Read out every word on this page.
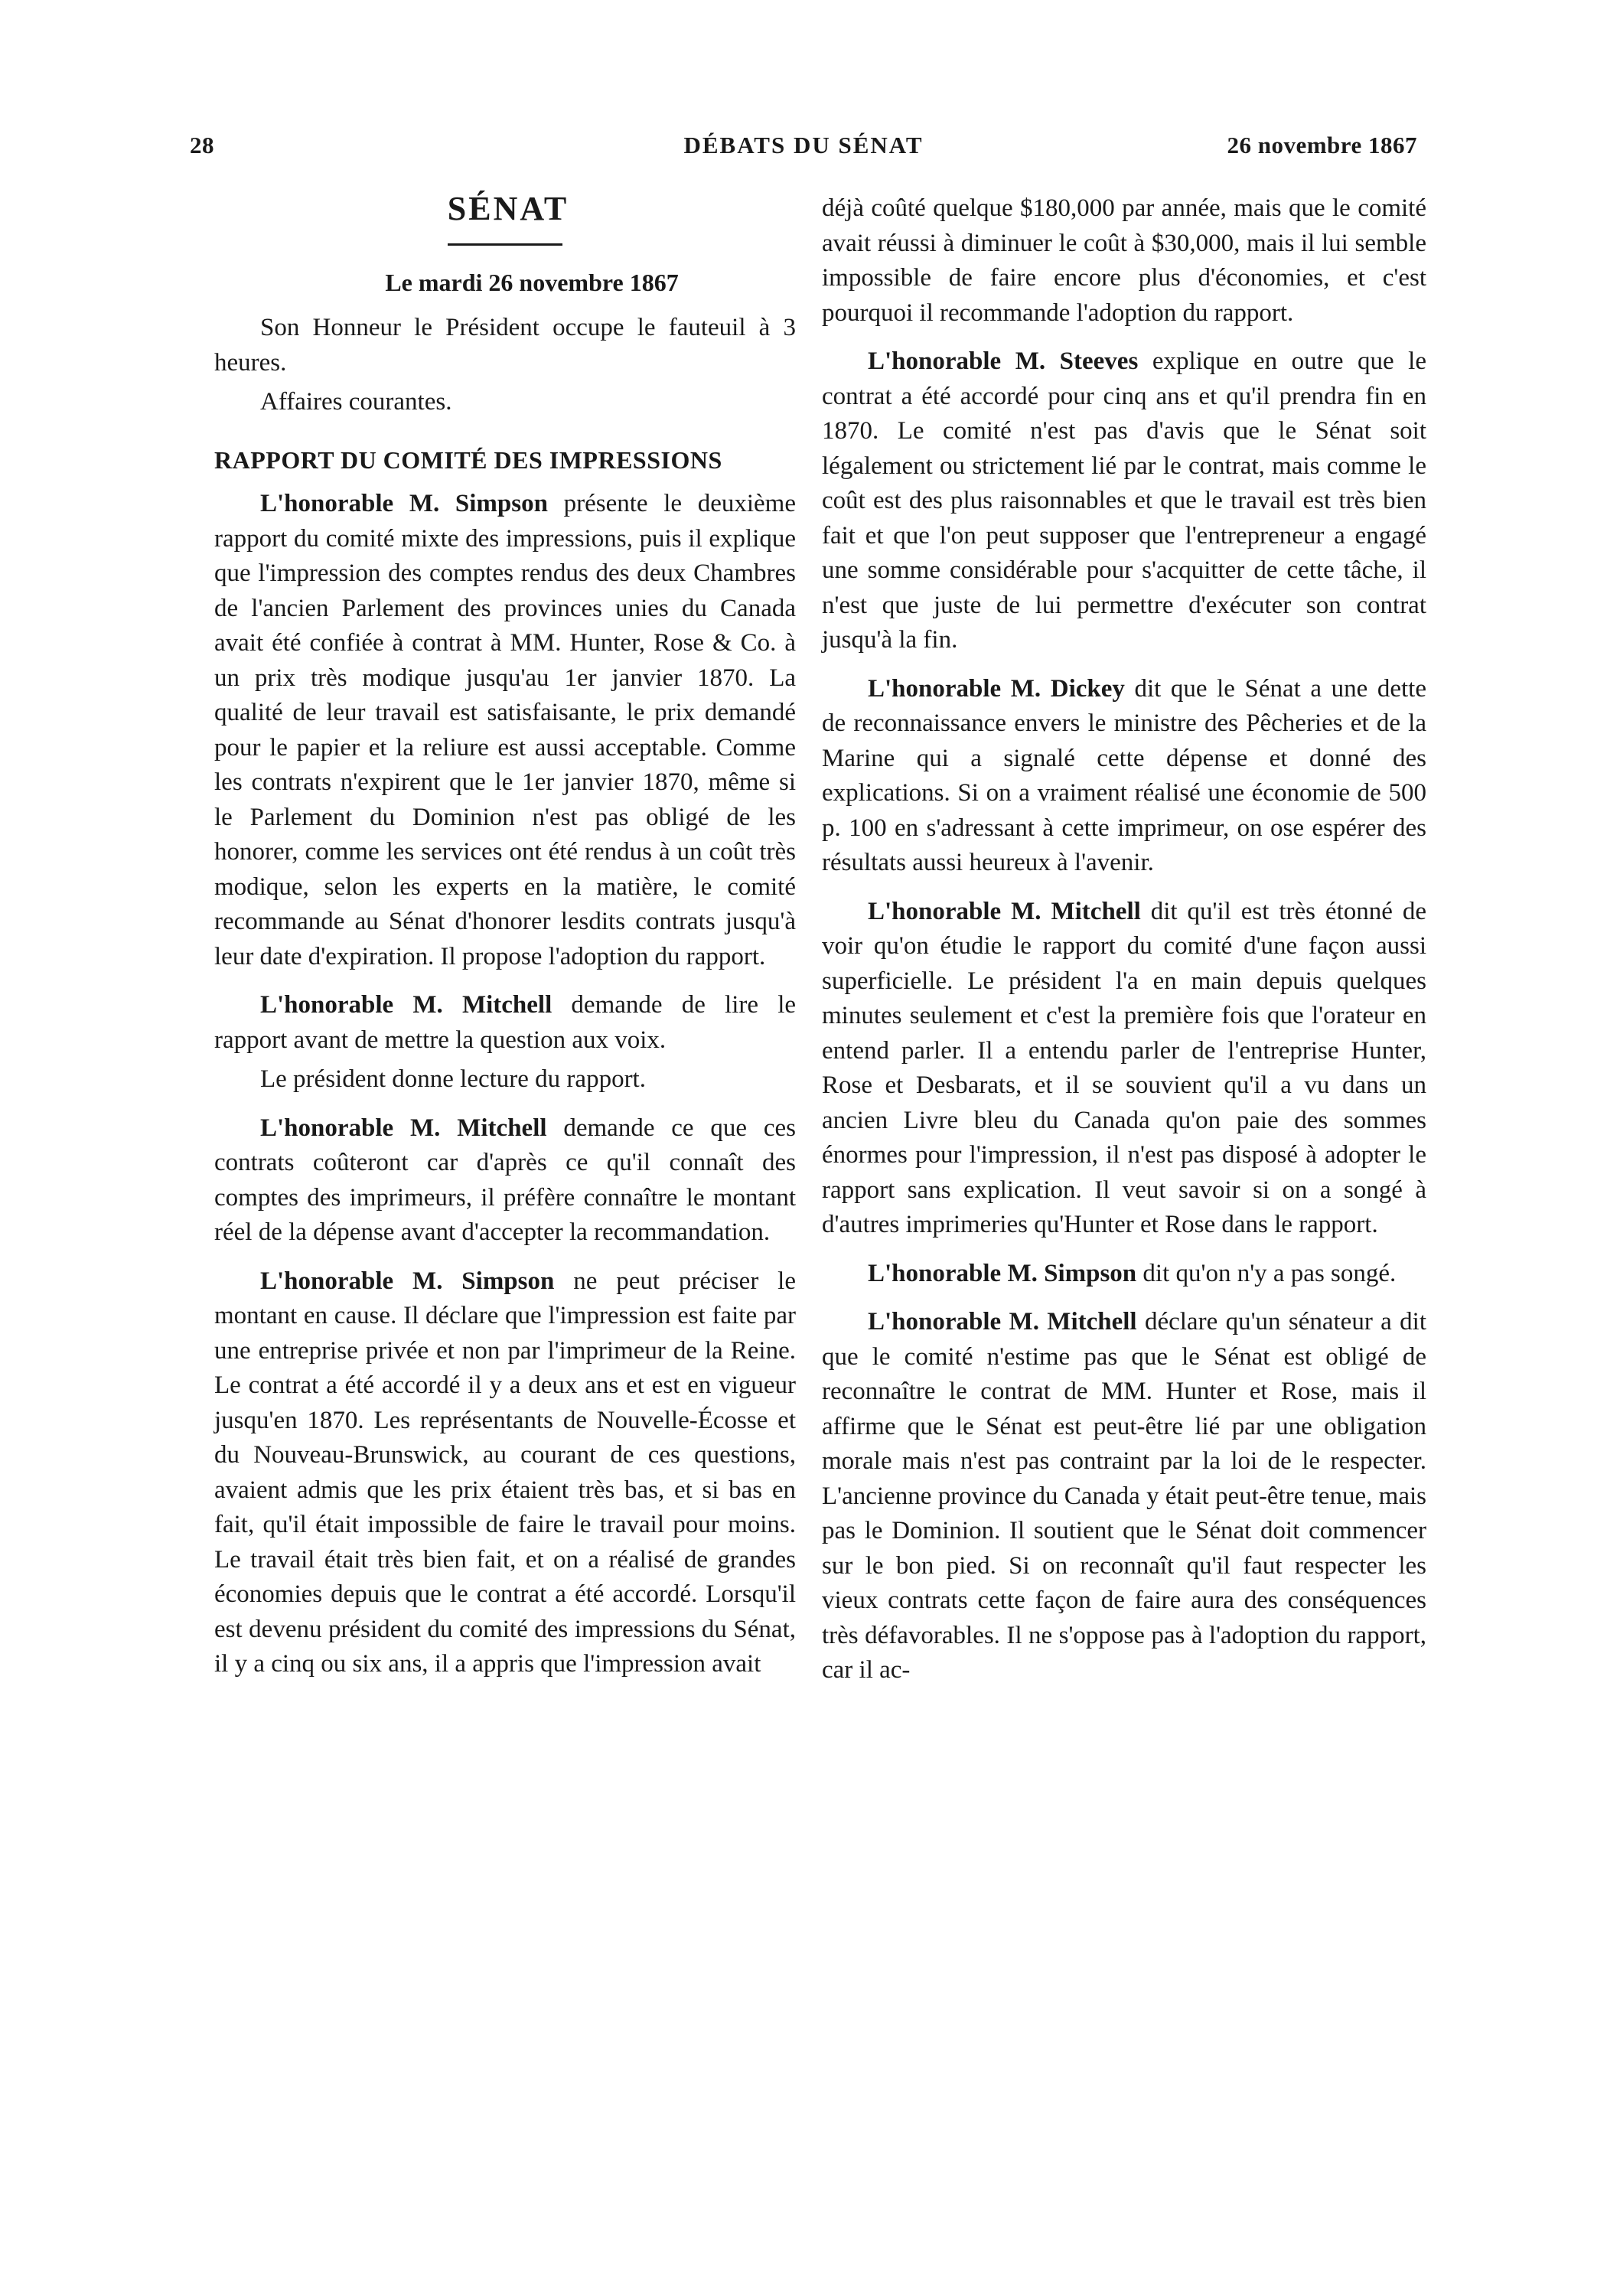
28	DÉBATS DU SÉNAT	26 novembre 1867
SÉNAT
Le mardi 26 novembre 1867

Son Honneur le Président occupe le fauteuil à 3 heures.

Affaires courantes.

RAPPORT DU COMITÉ DES IMPRESSIONS

L'honorable M. Simpson présente le deuxième rapport du comité mixte des impressions, puis il explique que l'impression des comptes rendus des deux Chambres de l'ancien Parlement des provinces unies du Canada avait été confiée à contrat à MM. Hunter, Rose & Co. à un prix très modique jusqu'au 1er janvier 1870. La qualité de leur travail est satisfaisante, le prix demandé pour le papier et la reliure est aussi acceptable. Comme les contrats n'expirent que le 1er janvier 1870, même si le Parlement du Dominion n'est pas obligé de les honorer, comme les services ont été rendus à un coût très modique, selon les experts en la matière, le comité recommande au Sénat d'honorer lesdits contrats jusqu'à leur date d'expiration. Il propose l'adoption du rapport.

L'honorable M. Mitchell demande de lire le rapport avant de mettre la question aux voix.

Le président donne lecture du rapport.

L'honorable M. Mitchell demande ce que ces contrats coûteront car d'après ce qu'il connaît des comptes des imprimeurs, il préfère connaître le montant réel de la dépense avant d'accepter la recommandation.

L'honorable M. Simpson ne peut préciser le montant en cause. Il déclare que l'impression est faite par une entreprise privée et non par l'imprimeur de la Reine. Le contrat a été accordé il y a deux ans et est en vigueur jusqu'en 1870. Les représentants de Nouvelle-Écosse et du Nouveau-Brunswick, au courant de ces questions, avaient admis que les prix étaient très bas, et si bas en fait, qu'il était impossible de faire le travail pour moins. Le travail était très bien fait, et on a réalisé de grandes économies depuis que le contrat a été accordé. Lorsqu'il est devenu président du comité des impressions du Sénat, il y a cinq ou six ans, il a appris que l'impression avait

déjà coûté quelque $180,000 par année, mais que le comité avait réussi à diminuer le coût à $30,000, mais il lui semble impossible de faire encore plus d'économies, et c'est pourquoi il recommande l'adoption du rapport.

L'honorable M. Steeves explique en outre que le contrat a été accordé pour cinq ans et qu'il prendra fin en 1870. Le comité n'est pas d'avis que le Sénat soit légalement ou strictement lié par le contrat, mais comme le coût est des plus raisonnables et que le travail est très bien fait et que l'on peut supposer que l'entrepreneur a engagé une somme considérable pour s'acquitter de cette tâche, il n'est que juste de lui permettre d'exécuter son contrat jusqu'à la fin.

L'honorable M. Dickey dit que le Sénat a une dette de reconnaissance envers le ministre des Pêcheries et de la Marine qui a signalé cette dépense et donné des explications. Si on a vraiment réalisé une économie de 500 p. 100 en s'adressant à cette imprimeur, on ose espérer des résultats aussi heureux à l'avenir.

L'honorable M. Mitchell dit qu'il est très étonné de voir qu'on étudie le rapport du comité d'une façon aussi superficielle. Le président l'a en main depuis quelques minutes seulement et c'est la première fois que l'orateur en entend parler. Il a entendu parler de l'entreprise Hunter, Rose et Desbarats, et il se souvient qu'il a vu dans un ancien Livre bleu du Canada qu'on paie des sommes énormes pour l'impression, il n'est pas disposé à adopter le rapport sans explication. Il veut savoir si on a songé à d'autres imprimeries qu'Hunter et Rose dans le rapport.

L'honorable M. Simpson dit qu'on n'y a pas songé.

L'honorable M. Mitchell déclare qu'un sénateur a dit que le comité n'estime pas que le Sénat est obligé de reconnaître le contrat de MM. Hunter et Rose, mais il affirme que le Sénat est peut-être lié par une obligation morale mais n'est pas contraint par la loi de le respecter. L'ancienne province du Canada y était peut-être tenue, mais pas le Dominion. Il soutient que le Sénat doit commencer sur le bon pied. Si on reconnaît qu'il faut respecter les vieux contrats cette façon de faire aura des conséquences très défavorables. Il ne s'oppose pas à l'adoption du rapport, car il ac-
